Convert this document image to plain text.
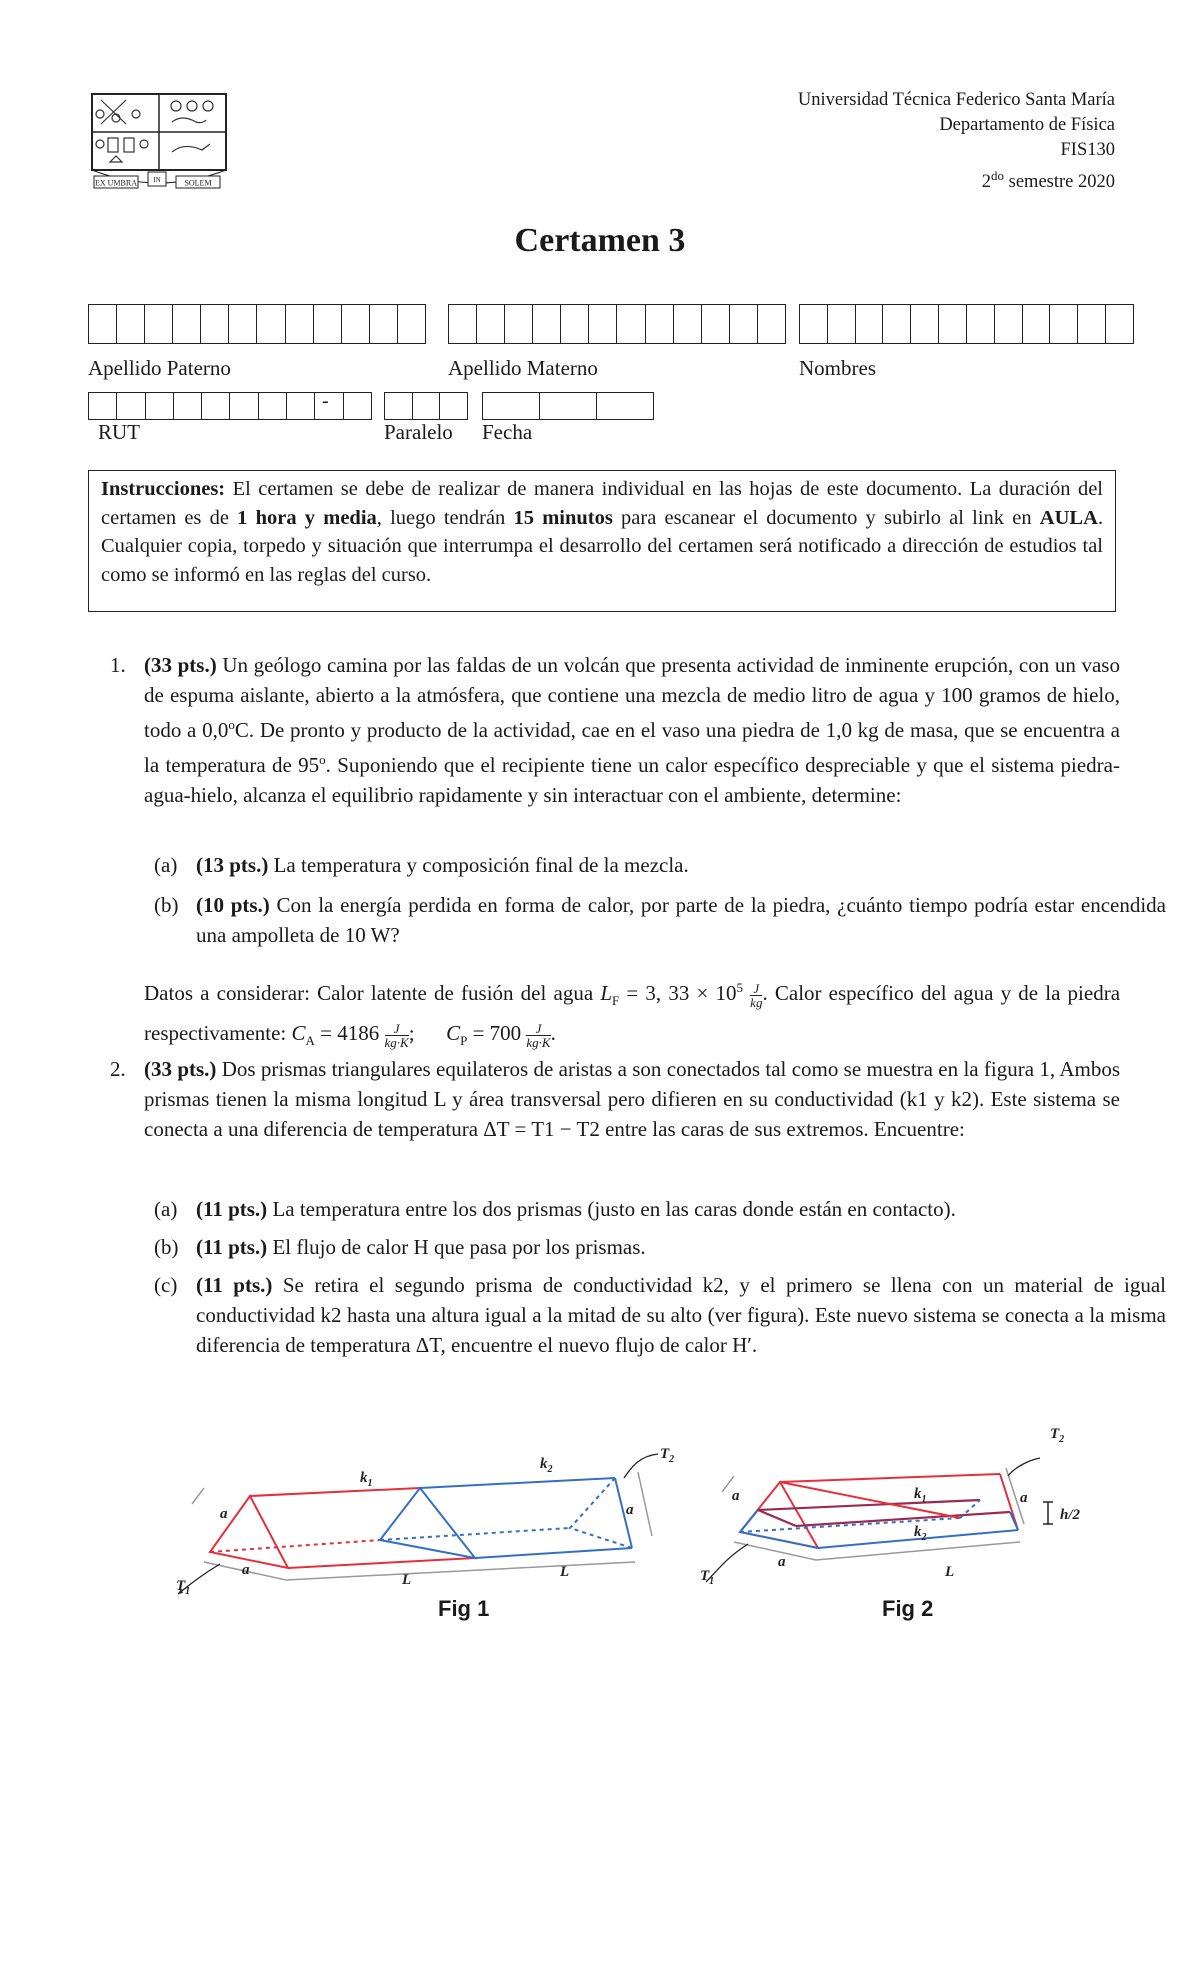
EX UMBRA IN	SOLEM
Universidad Técnica Federico Santa María
Departamento de Física
FIS130
$2^{do}$ semestre 2020
Certamen 3
Apellido Paterno	Apellido Materno	Nombres
-
RUT	Paralelo Fecha
Instrucciones: El certamen se debe de realizar de manera individual en las hojas de este documento. La duración del certamen es de 1 hora y media, luego tendrán 15 minutos para escanear el documento y subirlo al link en AULA. Cualquier copia, torpedo y situación que interrumpa el desarrollo del certamen será notificado a dirección de estudios tal como se informó en las reglas del curso.
1. (33 pts.) Un geólogo camina por las faldas de un volcán que presenta actividad de inminente erupción, con un vaso de espuma aislante, abierto a la atmósfera, que contiene una mezcla de medio litro de agua y 100 gramos de hielo, todo a 0,0$^o$C. De pronto y producto de la actividad, cae en el vaso una piedra de 1,0 kg de masa, que se encuentra a la temperatura de 95$^o$. Suponiendo que el recipiente tiene un calor específico despreciable y que el sistema piedra-agua-hielo, alcanza el equilibrio rapidamente y sin interactuar con el ambiente, determine:
(a) (13 pts.) La temperatura y composición final de la mezcla.
(b) (10 pts.) Con la energía perdida en forma de calor, por parte de la piedra, ¿cuánto tiempo podría estar encendida una ampolleta de 10 W?
Datos a considerar: Calor latente de fusión del agua $L_F = 3$, $33 \times 10^5 \frac{J}{kg}$ . Calor específico del agua y de la piedra respectivamente: $C_A = 4186 \frac{J}{kg\cdot K}$ ;      $C_P = 700 \frac{J}{kg\cdot K}$ .
2. (33 pts.) Dos prismas triangulares equilateros de aristas a son conectados tal como se muestra en la figura 1, Ambos prismas tienen la misma longitud L y área transversal pero difieren en su conductividad (k1 y k2). Este sistema se conecta a una diferencia de temperatura ΔT = T1 − T2 entre las caras de sus extremos. Encuentre:
(a) (11 pts.) La temperatura entre los dos prismas (justo en las caras donde están en contacto).
(b) (11 pts.) El flujo de calor H que pasa por los prismas.
(c) (11 pts.) Se retira el segundo prisma de conductividad k2, y el primero se llena con un material de igual conductividad k2 hasta una altura igual a la mitad de su alto (ver figura). Este nuevo sistema se conecta a la misma diferencia de temperatura ΔT, encuentre el nuevo flujo de calor H′.
$k_1$
$k_2$
a
a	a
L	L
$T_1$
$T_2$
Fig 1
$k_1$
$k_2$
a
a	a
L
h/2
$T_1$
$T_2$
Fig 2
